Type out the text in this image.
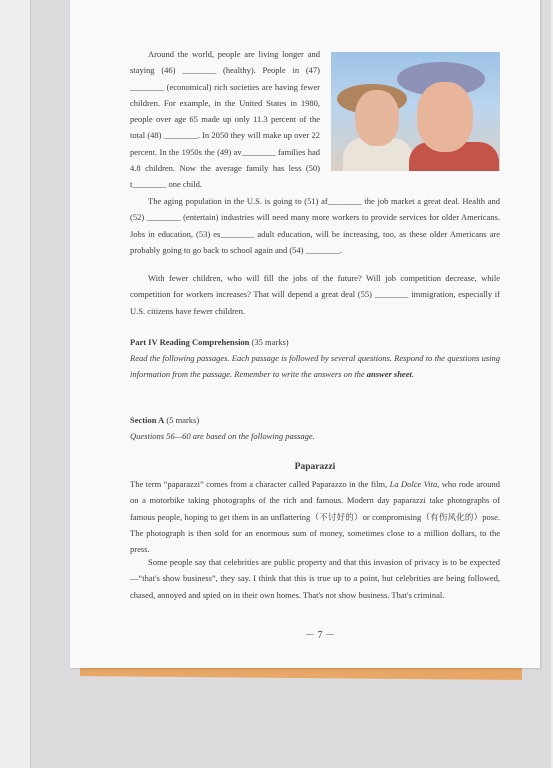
Around the world, people are living longer and staying (46) ________ (healthy). People in (47) ________ (economical) rich societies are having fewer children. For example, in the United States in 1980, people over age 65 made up only 11.3 percent of the total (48) ________. In 2050 they will make up over 22 percent. In the 1950s the (49) av________ families had 4.8 children. Now the average family has less (50) t________ one child.
The aging population in the U.S. is going to (51) af________ the job market a great deal. Health and (52) ________ (entertain) industries will need many more workers to provide services for older Americans. Jobs in education, (53) es________ adult education, will be increasing, too, as these older Americans are probably going to go back to school again and (54) ________.
With fewer children, who will fill the jobs of the future? Will job competition decrease, while competition for workers increases? That will depend a great deal (55) ________ immigration, especially if U.S. citizens have fewer children.
Part IV Reading Comprehension (35 marks)
Read the following passages. Each passage is followed by several questions. Respond to the questions using information from the passage. Remember to write the answers on the answer sheet.
Section A (5 marks)
Questions 56—60 are based on the following passage.
Paparazzi
The term “paparazzi” comes from a character called Paparazzo in the film, La Dolce Vita, who rode around on a motorbike taking photographs of the rich and famous. Modern day paparazzi take photographs of famous people, hoping to get them in an unflattering（不讨好的）or compromising（有伤风化的）pose. The photograph is then sold for an enormous sum of money, sometimes close to a million dollars, to the press.
Some people say that celebrities are public property and that this invasion of privacy is to be expected—“that's show business”, they say. I think that this is true up to a point, but celebrities are being followed, chased, annoyed and spied on in their own homes. That's not show business. That's criminal.
－ 7 －
